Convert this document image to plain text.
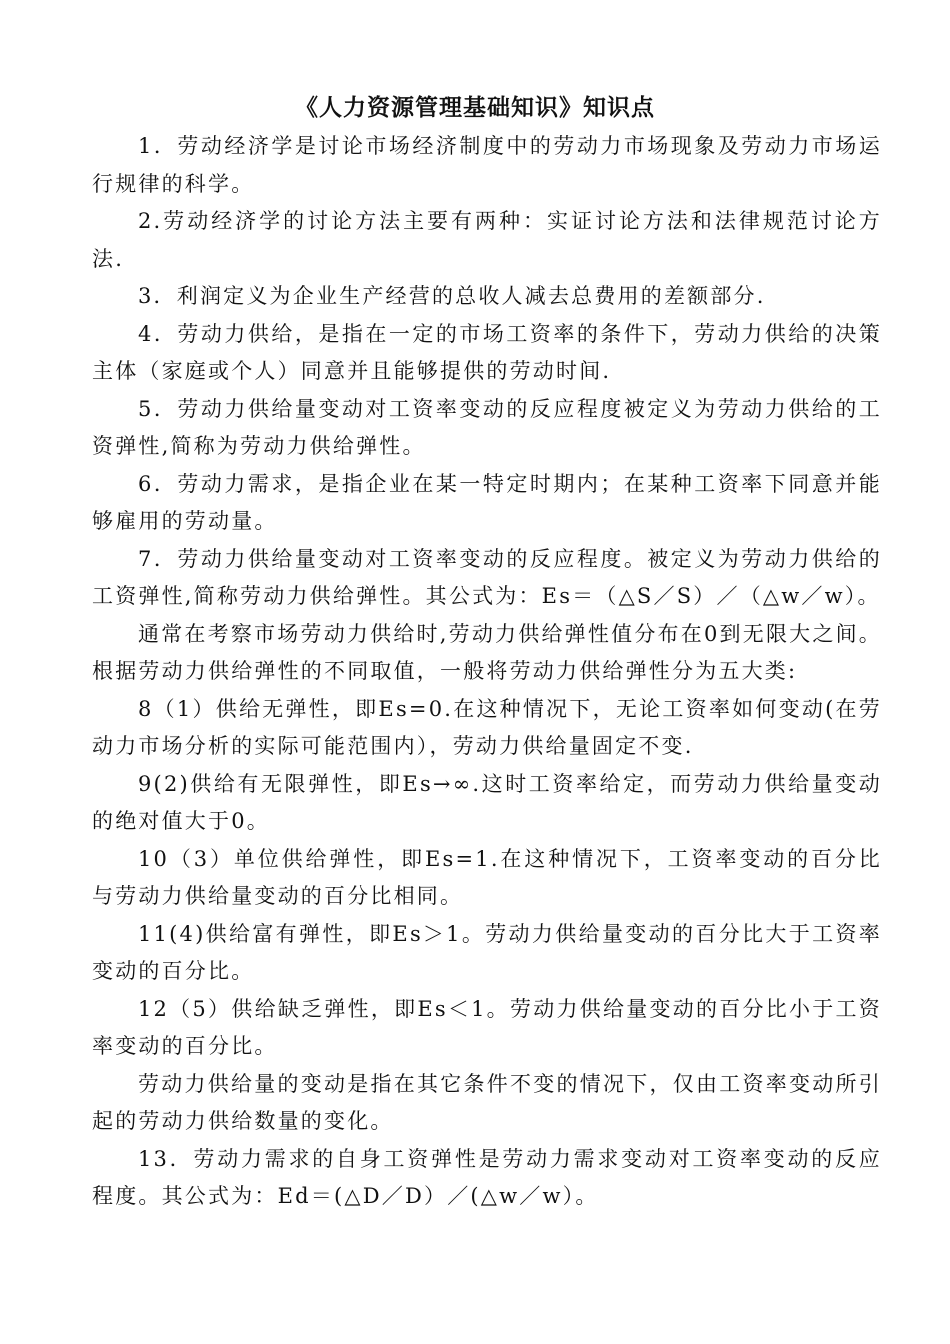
《人力资源管理基础知识》知识点

1．劳动经济学是讨论市场经济制度中的劳动力市场现象及劳动力市场运行规律的科学。

2.劳动经济学的讨论方法主要有两种：实证讨论方法和法律规范讨论方法.

3．利润定义为企业生产经营的总收人减去总费用的差额部分.

4．劳动力供给，是指在一定的市场工资率的条件下，劳动力供给的决策主体（家庭或个人）同意并且能够提供的劳动时间.

5．劳动力供给量变动对工资率变动的反应程度被定义为劳动力供给的工资弹性,简称为劳动力供给弹性。

6．劳动力需求，是指企业在某一特定时期内；在某种工资率下同意并能够雇用的劳动量。

7．劳动力供给量变动对工资率变动的反应程度。被定义为劳动力供给的工资弹性,简称劳动力供给弹性。其公式为：Es＝（△S／S）／（△w／w）。

通常在考察市场劳动力供给时,劳动力供给弹性值分布在0到无限大之间。根据劳动力供给弹性的不同取值，一般将劳动力供给弹性分为五大类:

8（1）供给无弹性，即Es=0.在这种情况下，无论工资率如何变动(在劳动力市场分析的实际可能范围内），劳动力供给量固定不变.

9(2)供给有无限弹性，即Es→∞.这时工资率给定，而劳动力供给量变动的绝对值大于0。

10（3）单位供给弹性，即Es=1.在这种情况下，工资率变动的百分比与劳动力供给量变动的百分比相同。

11(4)供给富有弹性，即Es＞1。劳动力供给量变动的百分比大于工资率变动的百分比。

12（5）供给缺乏弹性，即Es＜1。劳动力供给量变动的百分比小于工资率变动的百分比。

劳动力供给量的变动是指在其它条件不变的情况下，仅由工资率变动所引起的劳动力供给数量的变化。

13．劳动力需求的自身工资弹性是劳动力需求变动对工资率变动的反应程度。其公式为：Ed＝(△D／D）／(△w／w）。
